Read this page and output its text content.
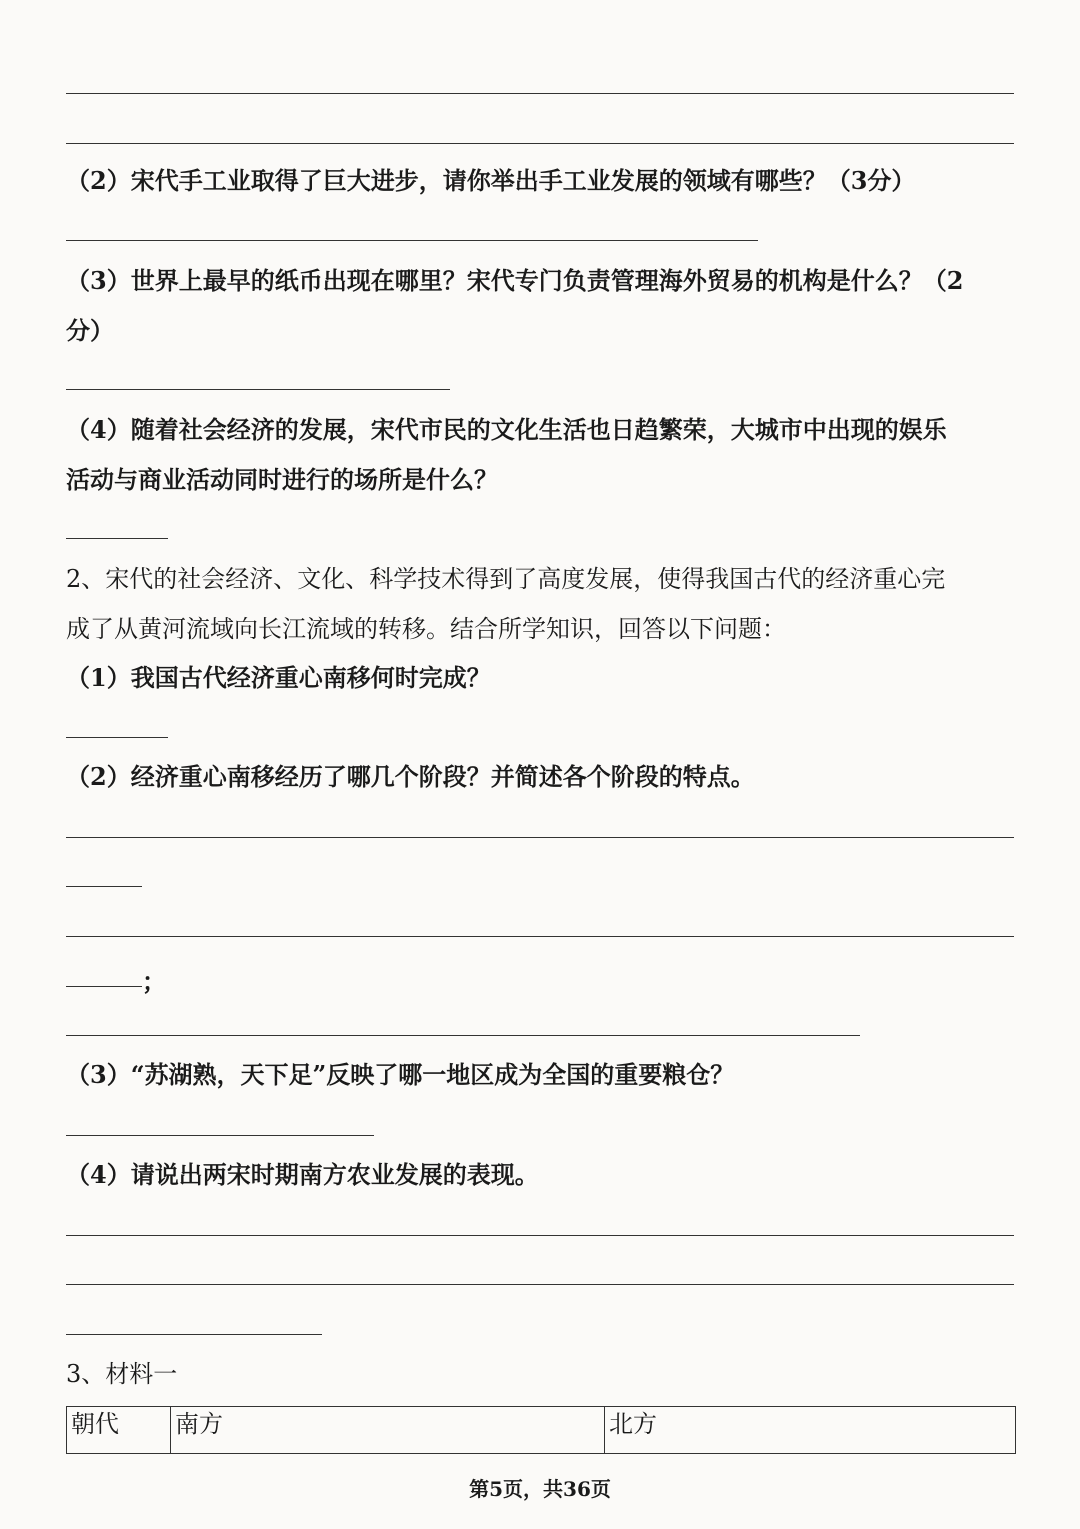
（2）宋代手工业取得了巨大进步，请你举出手工业发展的领域有哪些？（3分）
（3）世界上最早的纸币出现在哪里？宋代专门负责管理海外贸易的机构是什么？（2
分）
（4）随着社会经济的发展，宋代市民的文化生活也日趋繁荣，大城市中出现的娱乐
活动与商业活动同时进行的场所是什么？
2、宋代的社会经济、文化、科学技术得到了高度发展，使得我国古代的经济重心完
成了从黄河流域向长江流域的转移。结合所学知识，回答以下问题：
（1）我国古代经济重心南移何时完成？
（2）经济重心南移经历了哪几个阶段？并简述各个阶段的特点。
；
（3）“苏湖熟，天下足”反映了哪一地区成为全国的重要粮仓？
（4）请说出两宋时期南方农业发展的表现。
3、材料一
朝代	南方	北方
第5页，共36页
